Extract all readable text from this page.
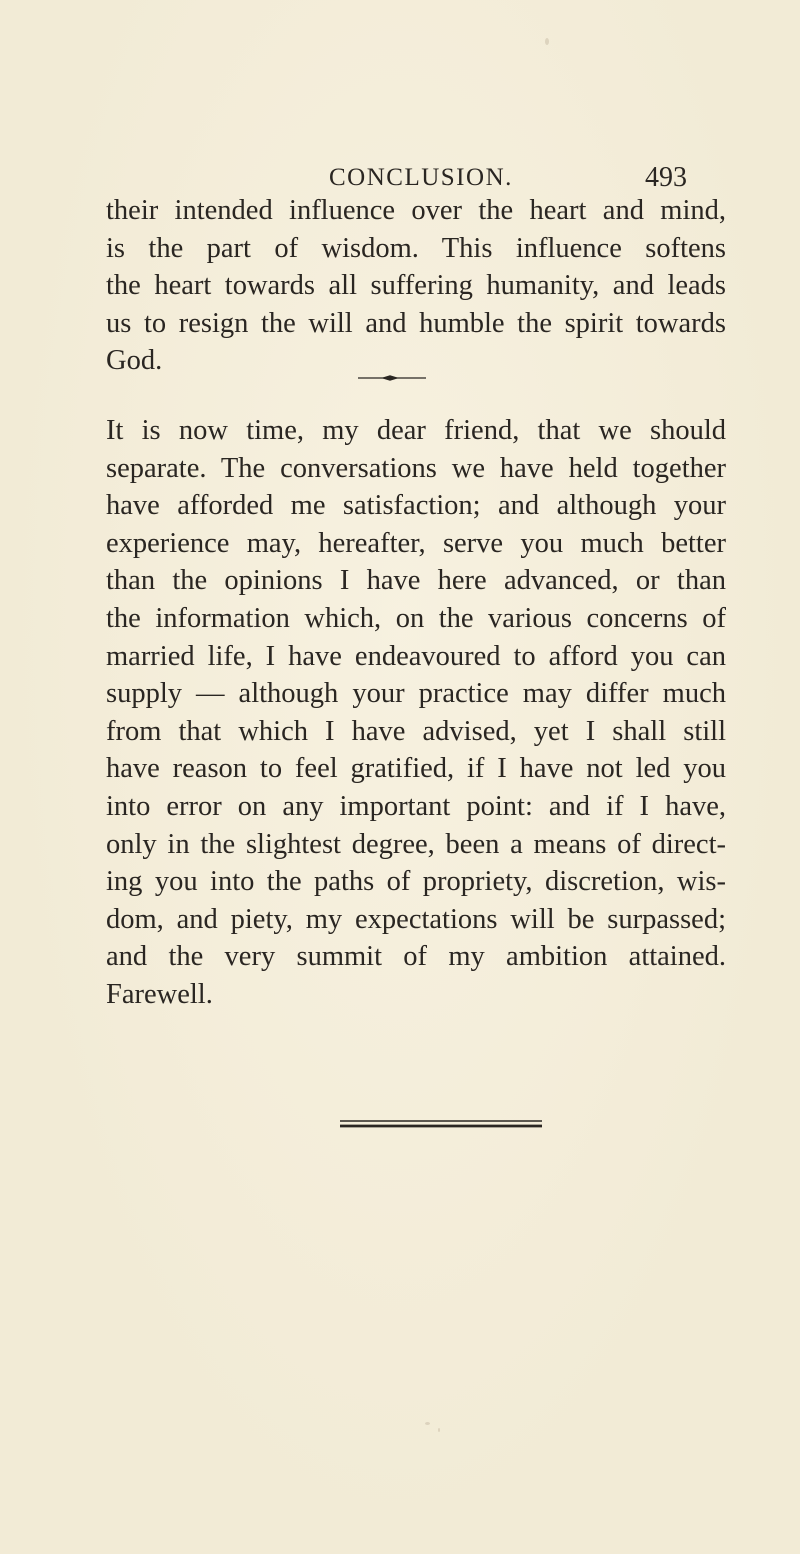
CONCLUSION.	493
their intended influence over the heart and mind,
is the part of wisdom. This influence softens
the heart towards all suffering humanity, and leads
us to resign the will and humble the spirit towards
God.
It is now time, my dear friend, that we should
separate. The conversations we have held together
have afforded me satisfaction; and although your
experience may, hereafter, serve you much better
than the opinions I have here advanced, or than
the information which, on the various concerns of
married life, I have endeavoured to afford you can
supply — although your practice may differ much
from that which I have advised, yet I shall still
have reason to feel gratified, if I have not led you
into error on any important point: and if I have,
only in the slightest degree, been a means of direct-
ing you into the paths of propriety, discretion, wis-
dom, and piety, my expectations will be surpassed;
and the very summit of my ambition attained.
Farewell.
